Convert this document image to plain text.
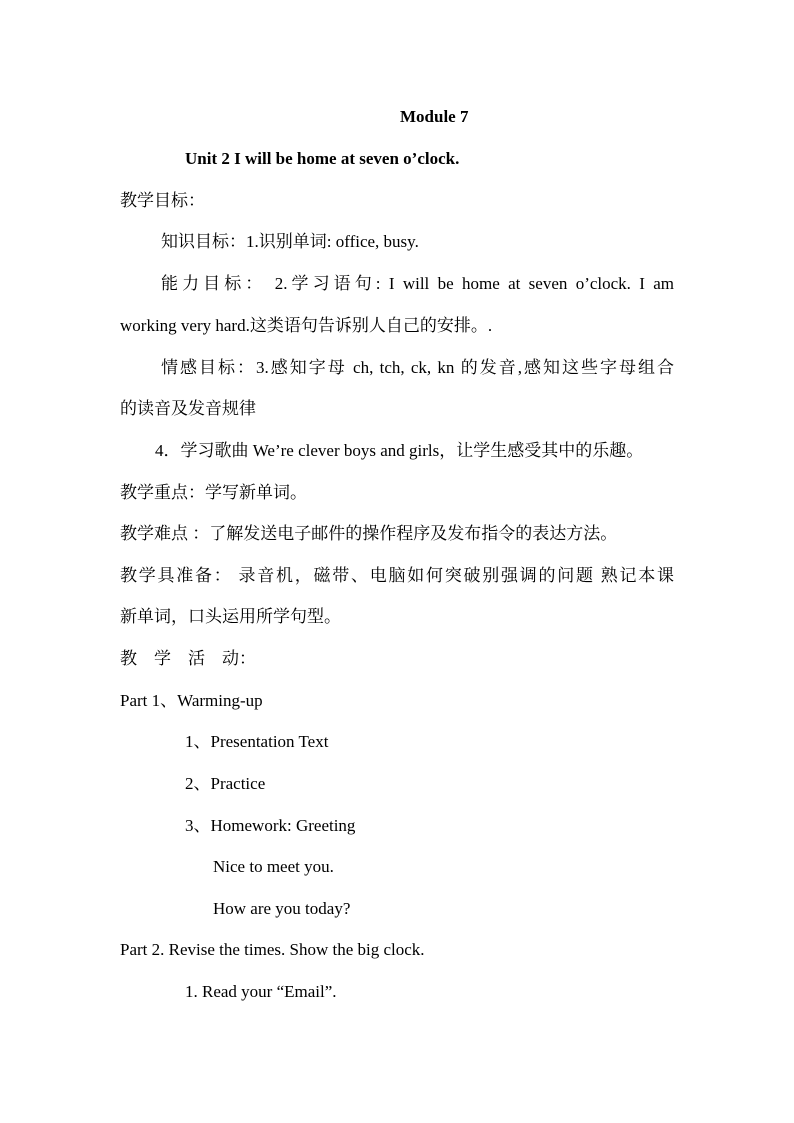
Module 7
Unit 2 I will be home at seven o’clock.
教学目标：
知识目标：1.识别单词: office, busy.
能力目标： 2.学习语句: I will be home at seven o’clock. I am
working very hard.这类语句告诉别人自己的安排。.
情感目标：3.感知字母 ch, tch, ck, kn 的发音,感知这些字母组合
的读音及发音规律
4．学习歌曲 We’re clever boys and girls，让学生感受其中的乐趣。
教学重点：学写新单词。
教学难点 ：了解发送电子邮件的操作程序及发布指令的表达方法。
教学具准备： 录音机，磁带、电脑如何突破别强调的问题 熟记本课
新单词，口头运用所学句型。
教　学　活　动：
Part 1、Warming-up
1、Presentation Text
2、Practice
3、Homework: Greeting
Nice to meet you.
How are you today?
Part 2. Revise the times. Show the big clock.
1. Read your “Email”.
